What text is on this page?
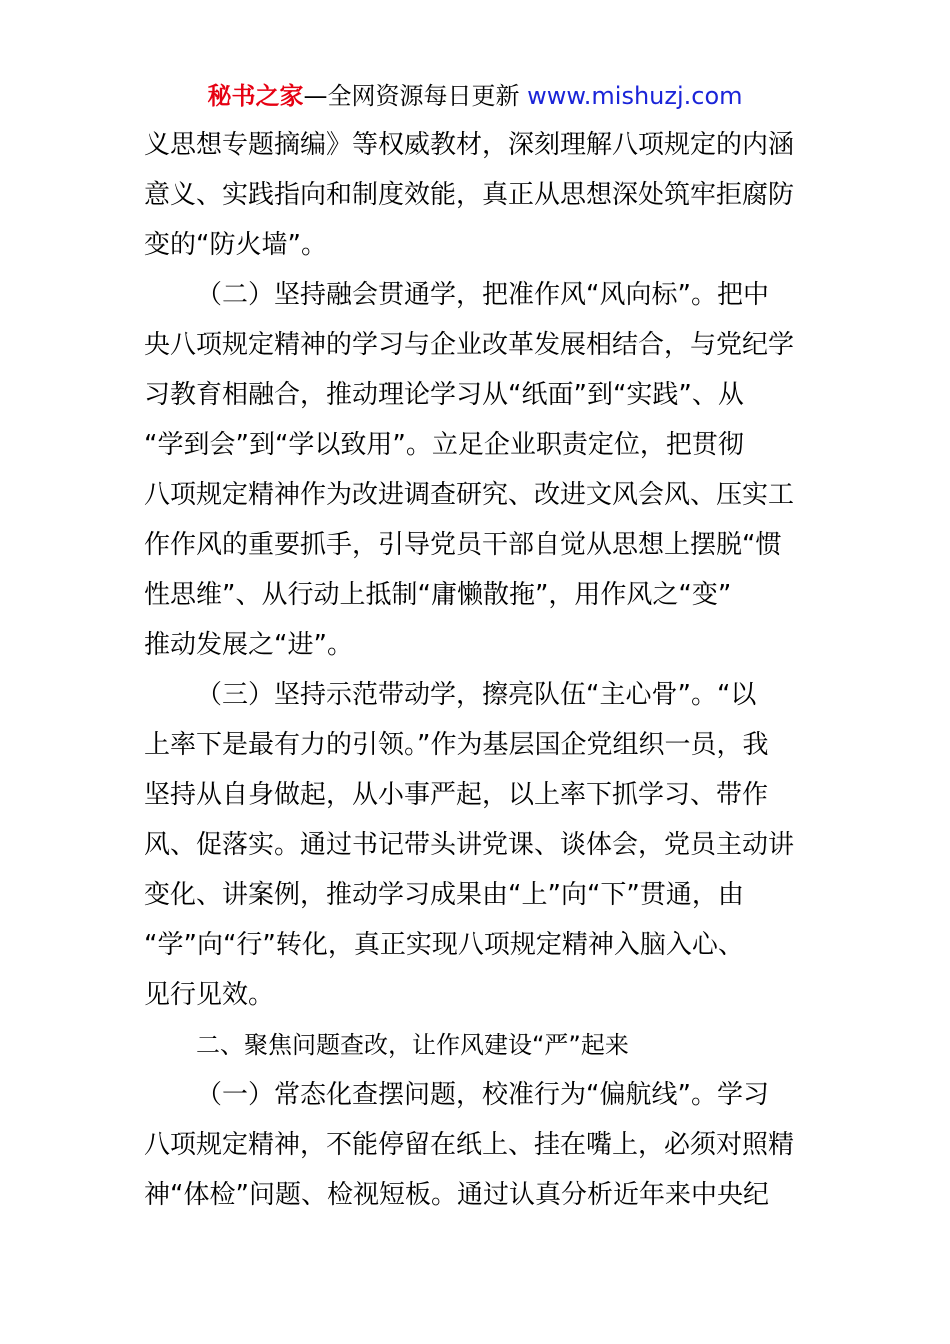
秘书之家—全网资源每日更新 www.mishuzj.com
义思想专题摘编》等权威教材，深刻理解八项规定的内涵
意义、实践指向和制度效能，真正从思想深处筑牢拒腐防
变的“防火墙”。
（二）坚持融会贯通学，把准作风“风向标”。把中
央八项规定精神的学习与企业改革发展相结合，与党纪学
习教育相融合，推动理论学习从“纸面”到“实践”、从
“学到会”到“学以致用”。立足企业职责定位，把贯彻
八项规定精神作为改进调查研究、改进文风会风、压实工
作作风的重要抓手，引导党员干部自觉从思想上摆脱“惯
性思维”、从行动上抵制“庸懒散拖”，用作风之“变”
推动发展之“进”。
（三）坚持示范带动学，擦亮队伍“主心骨”。“以
上率下是最有力的引领。”作为基层国企党组织一员，我
坚持从自身做起，从小事严起，以上率下抓学习、带作
风、促落实。通过书记带头讲党课、谈体会，党员主动讲
变化、讲案例，推动学习成果由“上”向“下”贯通，由
“学”向“行”转化，真正实现八项规定精神入脑入心、
见行见效。
二、聚焦问题查改，让作风建设“严”起来
（一）常态化查摆问题，校准行为“偏航线”。学习
八项规定精神，不能停留在纸上、挂在嘴上，必须对照精
神“体检”问题、检视短板。通过认真分析近年来中央纪
